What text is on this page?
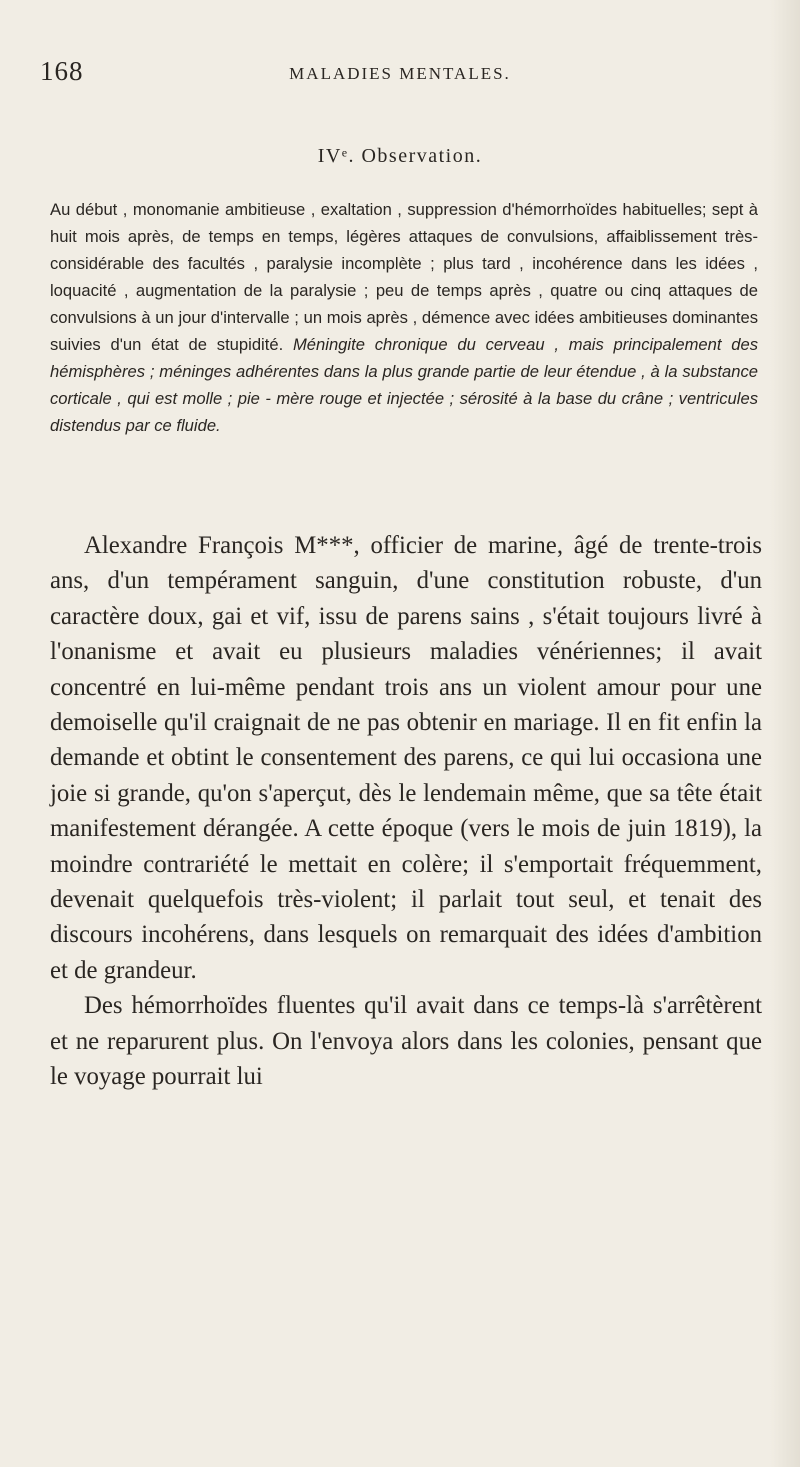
168	MALADIES MENTALES.
IVᵉ. Observation.
Au début , monomanie ambitieuse , exaltation , suppression d'hémorrhoïdes habituelles; sept à huit mois après, de temps en temps, légères attaques de convulsions, affaiblissement très-considérable des facultés , paralysie incomplète ; plus tard , incohérence dans les idées , loquacité , augmentation de la paralysie ; peu de temps après , quatre ou cinq attaques de convulsions à un jour d'intervalle ; un mois après , démence avec idées ambitieuses dominantes suivies d'un état de stupidité. Méningite chronique du cerveau , mais principalement des hémisphères ; méninges adhérentes dans la plus grande partie de leur étendue , à la substance corticale , qui est molle ; pie - mère rouge et injectée ; sérosité à la base du crâne ; ventricules distendus par ce fluide.

Alexandre François M***, officier de marine, âgé de trente-trois ans, d'un tempérament sanguin, d'une constitution robuste, d'un caractère doux, gai et vif, issu de parens sains , s'était toujours livré à l'onanisme et avait eu plusieurs maladies vénériennes; il avait concentré en lui-même pendant trois ans un violent amour pour une demoiselle qu'il craignait de ne pas obtenir en mariage. Il en fit enfin la demande et obtint le consentement des parens, ce qui lui occasiona une joie si grande, qu'on s'aperçut, dès le lendemain même, que sa tête était manifestement dérangée. A cette époque (vers le mois de juin 1819), la moindre contrariété le mettait en colère; il s'emportait fréquemment, devenait quelquefois très-violent; il parlait tout seul, et tenait des discours incohérens, dans lesquels on remarquait des idées d'ambition et de grandeur.

Des hémorrhoïdes fluentes qu'il avait dans ce temps-là s'arrêtèrent et ne reparurent plus. On l'envoya alors dans les colonies, pensant que le voyage pourrait lui
